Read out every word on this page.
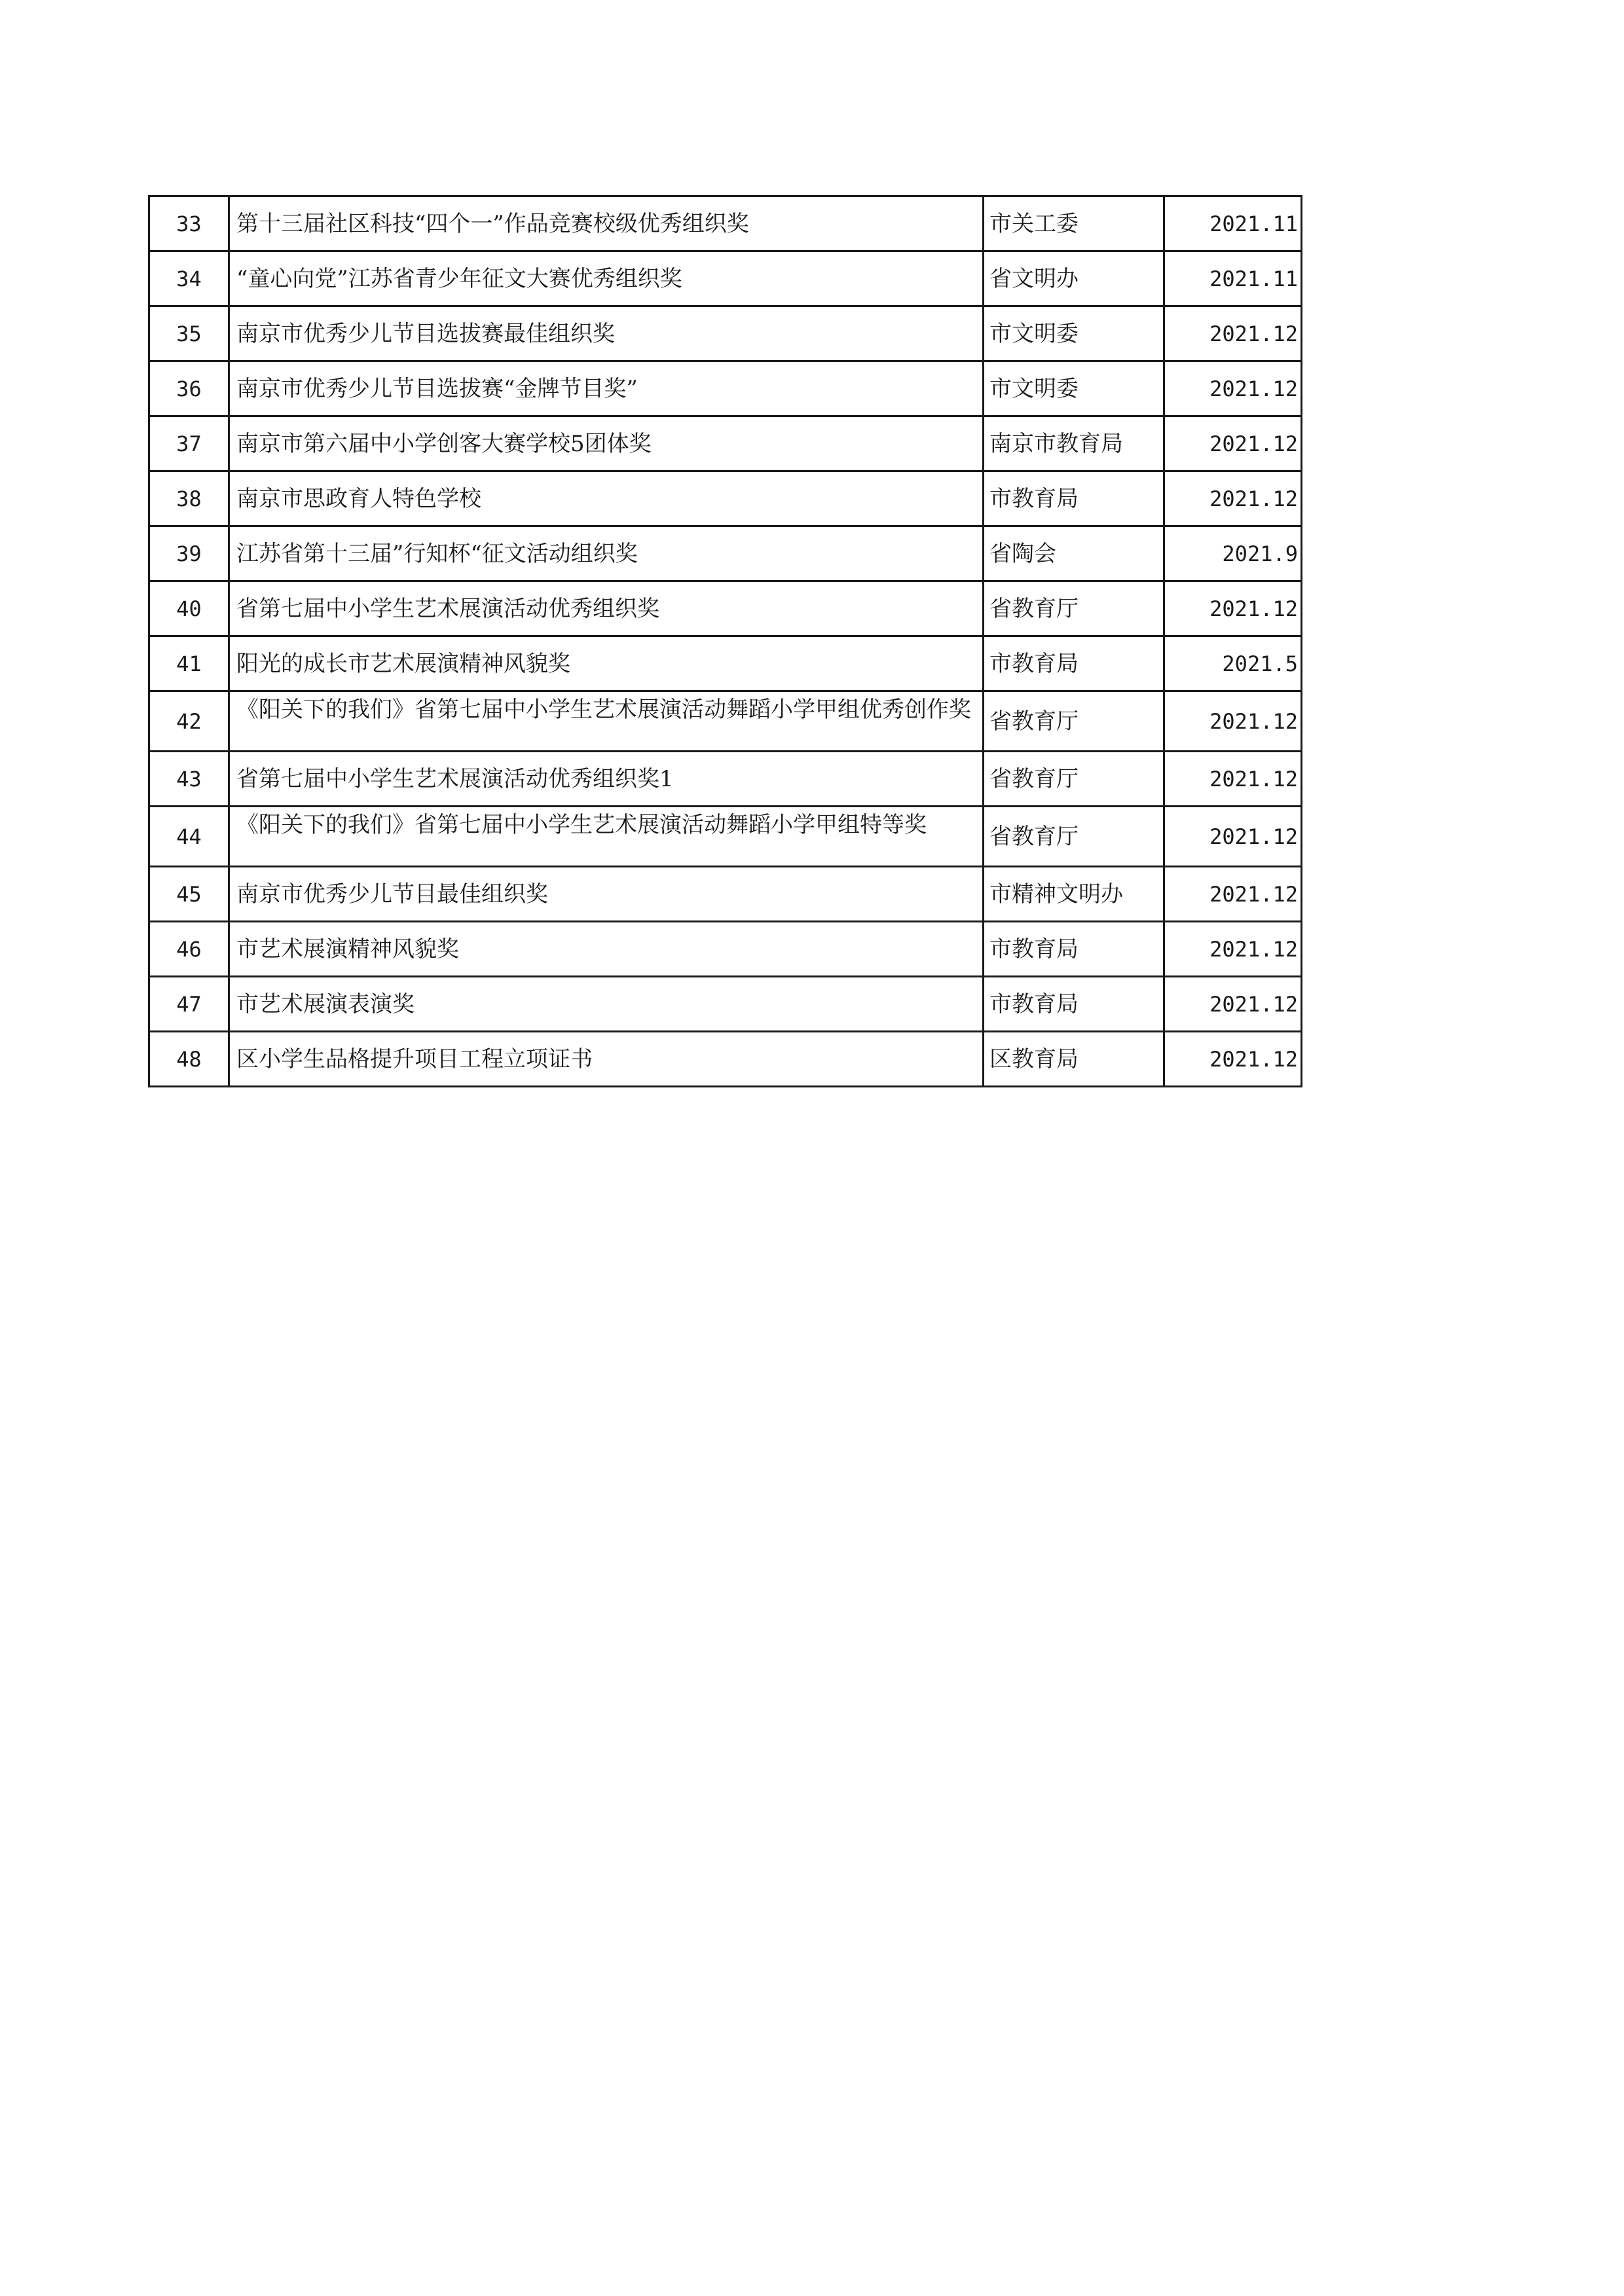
33	第十三届社区科技“四个一”作品竞赛校级优秀组织奖	市关工委	2021.11
34	“童心向党”江苏省青少年征文大赛优秀组织奖	省文明办	2021.11
35	南京市优秀少儿节目选拔赛最佳组织奖	市文明委	2021.12
36	南京市优秀少儿节目选拔赛“金牌节目奖”	市文明委	2021.12
37	南京市第六届中小学创客大赛学校5团体奖	南京市教育局	2021.12
38	南京市思政育人特色学校	市教育局	2021.12
39	江苏省第十三届”行知杯“征文活动组织奖	省陶会	2021.9
40	省第七届中小学生艺术展演活动优秀组织奖	省教育厅	2021.12
41	阳光的成长市艺术展演精神风貌奖	市教育局	2021.5
42	《阳关下的我们》省第七届中小学生艺术展演活动舞蹈小学甲组优秀创作奖	省教育厅	2021.12
43	省第七届中小学生艺术展演活动优秀组织奖1	省教育厅	2021.12
44	《阳关下的我们》省第七届中小学生艺术展演活动舞蹈小学甲组特等奖	省教育厅	2021.12
45	南京市优秀少儿节目最佳组织奖	市精神文明办	2021.12
46	市艺术展演精神风貌奖	市教育局	2021.12
47	市艺术展演表演奖	市教育局	2021.12
48	区小学生品格提升项目工程立项证书	区教育局	2021.12
